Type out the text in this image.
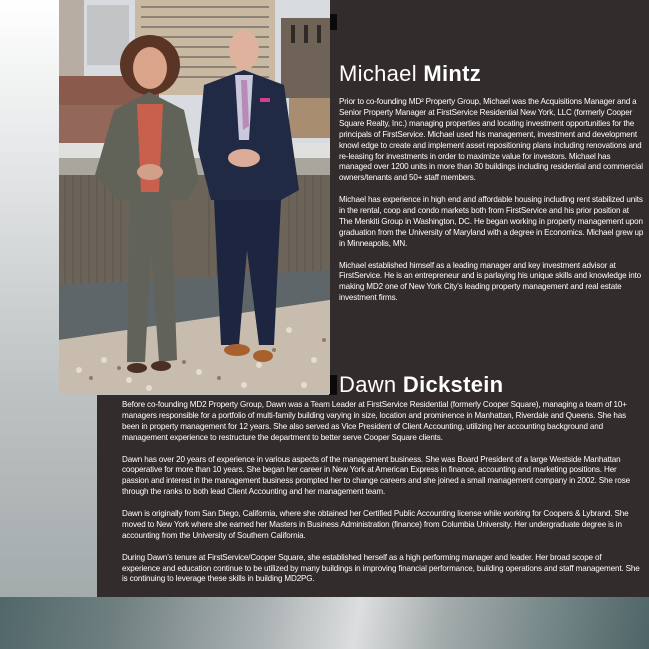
Michael Mintz

Prior to co-founding MD² Property Group, Michael was the Acquisitions Manager and a Senior Property Manager at FirstService Residential New York, LLC (formerly Cooper Square Realty, Inc.) managing properties and locating investment opportunities for the principals of FirstService. Michael used his management, investment and development knowl edge to create and implement asset repositioning plans including renovations and re-leasing for investments in order to maximize value for investors. Michael has managed over 1200 units in more than 30 buildings including residential and commercial owners/tenants and 50+ staff members.

Michael has experience in high end and affordable housing including rent stabilized units in the rental, coop and condo markets both from FirstService and his prior position at The Menkiti Group in Washington, DC. He began working in property management upon graduation from the University of Maryland with a degree in Economics. Michael grew up in Minneapolis, MN.

Michael established himself as a leading manager and key investment advisor at FirstService. He is an entrepreneur and is parlaying his unique skills and knowledge into making MD2 one of New York City’s leading property management and real estate investment firms.

Dawn Dickstein

Before co-founding MD2 Property Group, Dawn was a Team Leader at FirstService Residential (formerly Cooper Square), managing a team of 10+ managers responsible for a portfolio of multi-family building varying in size, location and prominence in Manhattan, Riverdale and Queens. She has been in property management for 12 years. She also served as Vice President of Client Accounting, utilizing her accounting background and management experience to restructure the department to better serve Cooper Square clients.

Dawn has over 20 years of experience in various aspects of the management business. She was Board President of a large Westside Manhattan cooperative for more than 10 years. She began her career in New York at American Express in finance, accounting and marketing positions. Her passion and interest in the management business prompted her to change careers and she joined a small management company in 2002. She rose through the ranks to both lead Client Accounting and her management team.

Dawn is originally from San Diego, California, where she obtained her Certified Public Accounting license while working for Coopers & Lybrand. She moved to New York where she earned her Masters in Business Administration (finance) from Columbia University. Her undergraduate degree is in accounting from the University of Southern California.

During Dawn’s tenure at FirstService/Cooper Square, she established herself as a high performing manager and leader. Her broad scope of experience and education continue to be utilized by many buildings in improving financial performance, building operations and staff management. She is continuing to leverage these skills in building MD2PG.
